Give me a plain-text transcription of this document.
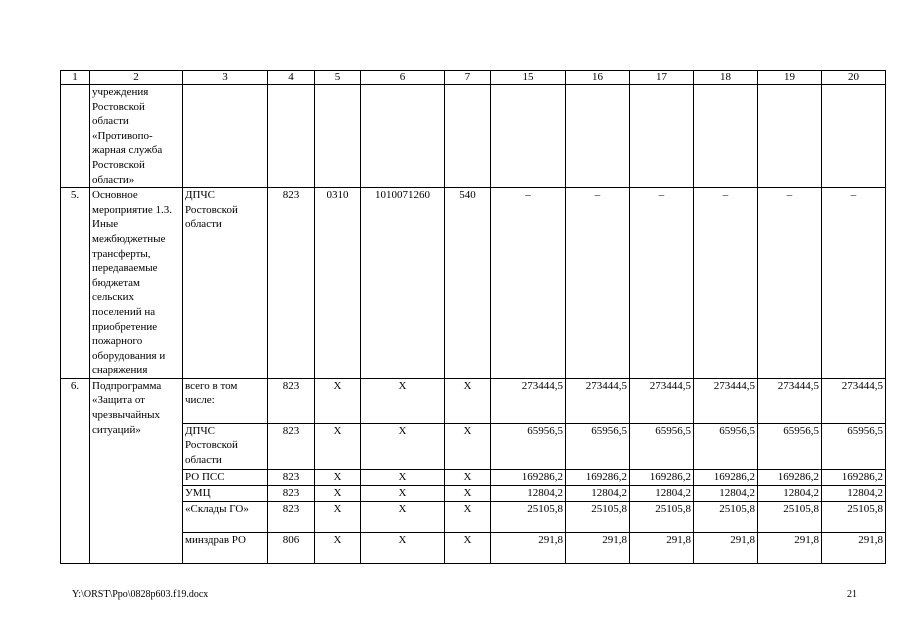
1	2	3	4	5	6	7	15	16	17	18	19	20
	учреждения Ростовской области «Противопо-жарная служба Ростовской области»											
5.	Основное мероприятие 1.3. Иные межбюджетные трансферты, передаваемые бюджетам сельских поселений на приобретение пожарного оборудования и снаряжения	ДПЧС Ростовской области	823	0310	1010071260	540	–	–	–	–	–	–
6.	Подпрограмма «Защита от чрезвычайных ситуаций»	всего в том числе:	823	Х	Х	Х	273444,5	273444,5	273444,5	273444,5	273444,5	273444,5
		ДПЧС Ростовской области	823	Х	Х	Х	65956,5	65956,5	65956,5	65956,5	65956,5	65956,5
		РО ПСС	823	Х	Х	Х	169286,2	169286,2	169286,2	169286,2	169286,2	169286,2
		УМЦ	823	Х	Х	Х	12804,2	12804,2	12804,2	12804,2	12804,2	12804,2
		«Склады ГО»	823	Х	Х	Х	25105,8	25105,8	25105,8	25105,8	25105,8	25105,8
		минздрав РО	806	Х	Х	Х	291,8	291,8	291,8	291,8	291,8	291,8
Y:\ORST\Ppo\0828p603.f19.docx	21
